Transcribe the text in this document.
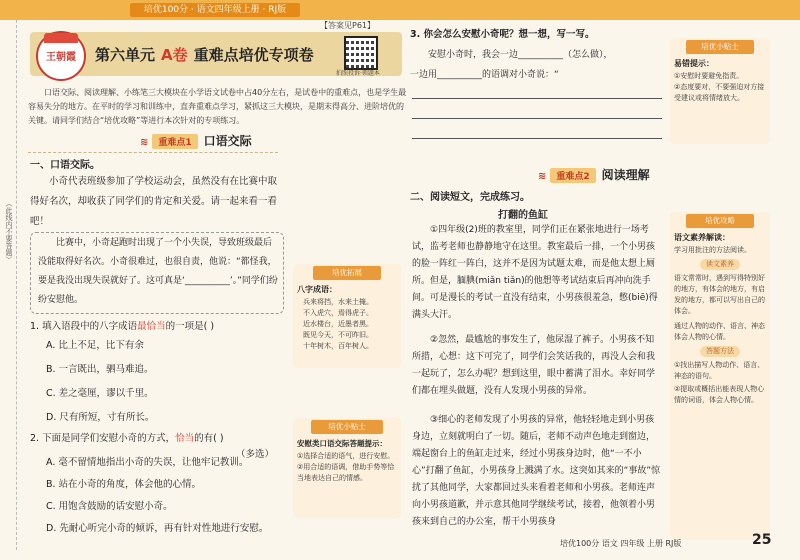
培优100分 · 语文四年级上册 · RJ版
（此线内不要答题）
王朝霞	第六单元 A卷 重难点培优专项卷
【答案见P61】
拍照投诉·领题本
口语交际、阅读理解、小练笔三大模块在小学语文试卷中占40分左右，是试卷中的重难点，也是学生最容易失分的地方。在平时的学习和训练中，直奔重难点学习，紧抓这三大模块，是期末得高分、进阶培优的关键。请同学们结合“培优攻略”等进行本次针对的专项练习。
≋ 重难点1 口语交际
一、口语交际。
小奇代表班级参加了学校运动会，虽然没有在比赛中取得好名次，却收获了同学们的肯定和关爱。请一起来看一看吧！
比赛中，小奇起跑时出现了一个小失误，导致班级最后没能取得好名次。小奇很难过，也很自责，他说：“都怪我，要是我没出现失误就好了。这可真是‘__________’。”同学们纷纷安慰他。
1. 填入语段中的八字成语最恰当的一项是( )
A. 比上不足，比下有余
B. 一言既出，驷马难追。
C. 差之毫厘，谬以千里。
D. 尺有所短，寸有所长。
2. 下面是同学们安慰小奇的方式，恰当的有( )
（多选）
A. 毫不留情地指出小奇的失误，让他牢记教训。
B. 站在小奇的角度，体会他的心情。
C. 用饱含鼓励的话安慰小奇。
D. 先耐心听完小奇的倾诉，再有针对性地进行安慰。
培优拓展
八字成语：
兵来将挡，水来土掩。
不入虎穴，焉得虎子。
近水楼台，近墨者黑。
既见今天，不可昨旧。
十年树木，百年树人。
培优小贴士
安慰类口语交际答题提示：
①选择合适的语气，进行安慰。
②用合适的语调，借助手势等恰当地表达自己的情感。
3. 你会怎么安慰小奇呢？想一想，写一写。
安慰小奇时，我会一边__________（怎么做），
一边用__________的语调对小奇说：“
培优小贴士
易错提示：
①安慰时要避免指责。
②态度要对，不要强迫对方接受建议或将情绪放大。
≋ 重难点2 阅读理解
二、阅读短文，完成练习。
打翻的鱼缸
①四年级(2)班的教室里，同学们正在紧张地进行一场考试，监考老师也静静地守在这里。教室最后一排，一个小男孩的脸一阵红一阵白，这并不是因为试题太难，而是他太想上厕所。但是，腼腆(miǎn tiǎn)的他想等考试结束后再冲向洗手间。可是漫长的考试一直没有结束，小男孩很羞急，憋(biē)得满头大汗。
②忽然，最尴尬的事发生了，他尿湿了裤子。小男孩不知所措，心想：这下可完了，同学们会笑话我的，再没人会和我一起玩了，怎么办呢？想到这里，眼中蓄满了泪水。幸好同学们都在埋头做题，没有人发现小男孩的异常。
③细心的老师发现了小男孩的异常，他轻轻地走到小男孩身边，立刻就明白了一切。随后，老师不动声色地走到窗边，端起窗台上的鱼缸走过来，经过小男孩身边时，他“一不小心”打翻了鱼缸，小男孩身上溅满了水。这突如其来的“事故”惊扰了其他同学，大家都回过头来看着老师和小男孩。老师连声向小男孩道歉，并示意其他同学继续考试，接着，他领着小男孩来到自己的办公室，帮干小男孩身
培优攻略
语文素养解读：
学习用批注的方法阅读。
读文素养
语文常常时，遇到写得特别好的地方，有体会的地方，有启发的地方，都可以写出自己的体会。
通过人物的动作、语言、神态体会人物的心情。
答题方法
①找出描写人物动作、语言、神态的语句。
②提取或概括出能表现人物心情的词语，体会人物心情。
培优100分 语文 四年级 上册 RJ版	25
